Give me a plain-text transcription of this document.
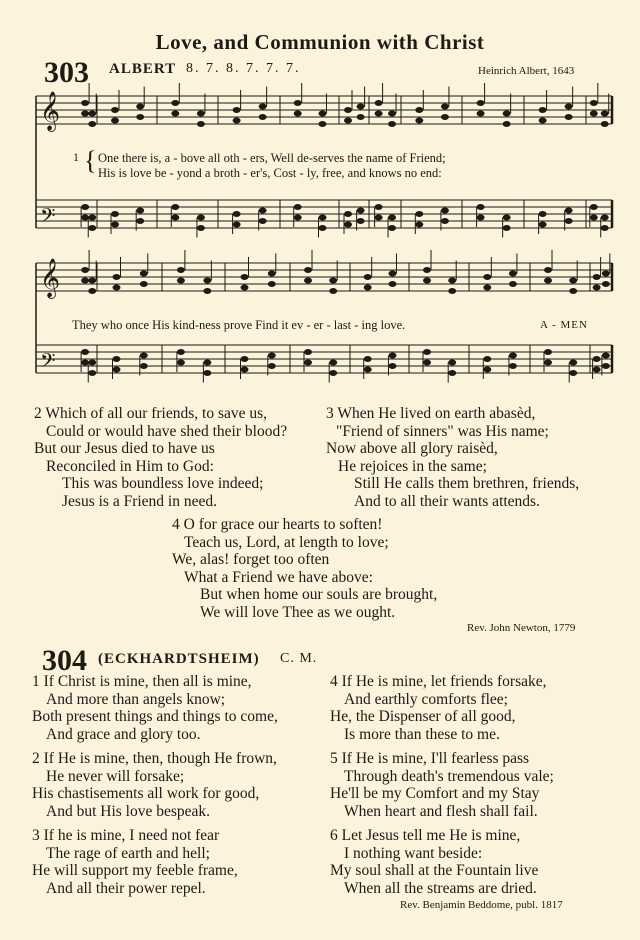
Love, and Communion with Christ
303 ALBERT 8. 7. 8. 7. 7. 7.	Heinrich Albert, 1643
𝄞
𝄢
𝄞
𝄢
1 { One there is, a - bove all oth - ers, Well de-serves the name of Friend;
His is love be - yond a broth - er's, Cost - ly, free, and knows no end:
They who once His kind-ness prove Find it ev - er - last - ing love.	A - MEN
2 Which of all our friends, to save us,
Could or would have shed their blood?
But our Jesus died to have us
Reconciled in Him to God:
This was boundless love indeed;
Jesus is a Friend in need.
3 When He lived on earth abasèd,
"Friend of sinners" was His name;
Now above all glory raisèd,
He rejoices in the same;
Still He calls them brethren, friends,
And to all their wants attends.
4 O for grace our hearts to soften!
Teach us, Lord, at length to love;
We, alas! forget too often
What a Friend we have above:
But when home our souls are brought,
We will love Thee as we ought.
Rev. John Newton, 1779
304 (ECKHARDTSHEIM) C. M.
1 If Christ is mine, then all is mine,
And more than angels know;
Both present things and things to come,
And grace and glory too.
2 If He is mine, then, though He frown,
He never will forsake;
His chastisements all work for good,
And but His love bespeak.
3 If he is mine, I need not fear
The rage of earth and hell;
He will support my feeble frame,
And all their power repel.
4 If He is mine, let friends forsake,
And earthly comforts flee;
He, the Dispenser of all good,
Is more than these to me.
5 If He is mine, I'll fearless pass
Through death's tremendous vale;
He'll be my Comfort and my Stay
When heart and flesh shall fail.
6 Let Jesus tell me He is mine,
I nothing want beside:
My soul shall at the Fountain live
When all the streams are dried.
Rev. Benjamin Beddome, publ. 1817
